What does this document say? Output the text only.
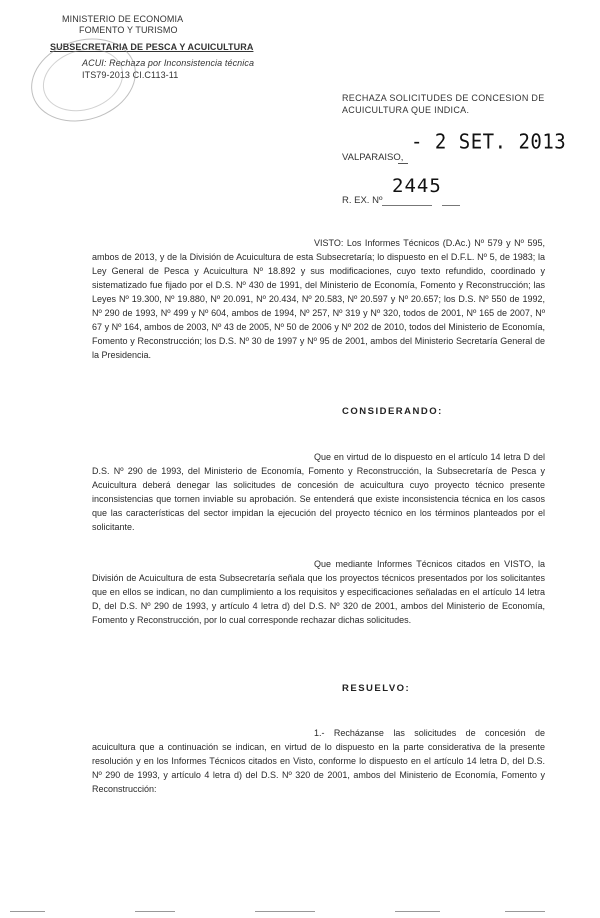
MINISTERIO DE ECONOMIA
FOMENTO Y TURISMO
SUBSECRETARIA DE PESCA Y ACUICULTURA
ACUI: Rechaza por Inconsistencia técnica
ITS79-2013 CI.C113-11
RECHAZA SOLICITUDES DE CONCESION DE
ACUICULTURA QUE INDICA.
- 2 SET. 2013
VALPARAISO,
2445
R. EX. Nº
VISTO: Los Informes Técnicos (D.Ac.) Nº 579 y Nº 595, ambos de 2013, y de la División de Acuicultura de esta Subsecretaría; lo dispuesto en el D.F.L. Nº 5, de 1983; la Ley General de Pesca y Acuicultura Nº 18.892 y sus modificaciones, cuyo texto refundido, coordinado y sistematizado fue fijado por el D.S. Nº 430 de 1991, del Ministerio de Economía, Fomento y Reconstrucción; las Leyes Nº 19.300, Nº 19.880, Nº 20.091, Nº 20.434, Nº 20.583, Nº 20.597 y Nº 20.657; los D.S. Nº 550 de 1992, Nº 290 de 1993, Nº 499 y Nº 604, ambos de 1994, Nº 257, Nº 319 y Nº 320, todos de 2001, Nº 165 de 2007, Nº 67 y Nº 164, ambos de 2003, Nº 43 de 2005, Nº 50 de 2006 y Nº 202 de 2010, todos del Ministerio de Economía, Fomento y Reconstrucción; los D.S. Nº 30 de 1997 y Nº 95 de 2001, ambos del Ministerio Secretaría General de la Presidencia.
CONSIDERANDO:
Que en virtud de lo dispuesto en el artículo 14 letra D del D.S. Nº 290 de 1993, del Ministerio de Economía, Fomento y Reconstrucción, la Subsecretaría de Pesca y Acuicultura deberá denegar las solicitudes de concesión de acuicultura cuyo proyecto técnico presente inconsistencias que tornen inviable su aprobación. Se entenderá que existe inconsistencia técnica en los casos que las características del sector impidan la ejecución del proyecto técnico en los términos planteados por el solicitante.
Que mediante Informes Técnicos citados en VISTO, la División de Acuicultura de esta Subsecretaría señala que los proyectos técnicos presentados por los solicitantes que en ellos se indican, no dan cumplimiento a los requisitos y especificaciones señaladas en el artículo 14 letra D, del D.S. Nº 290 de 1993, y artículo 4 letra d) del D.S. Nº 320 de 2001, ambos del Ministerio de Economía, Fomento y Reconstrucción, por lo cual corresponde rechazar dichas solicitudes.
RESUELVO:
1.- Recházanse las solicitudes de concesión de acuicultura que a continuación se indican, en virtud de lo dispuesto en la parte considerativa de la presente resolución y en los Informes Técnicos citados en Visto, conforme lo dispuesto en el artículo 14 letra D, del D.S. Nº 290 de 1993, y artículo 4 letra d) del D.S. Nº 320 de 2001, ambos del Ministerio de Economía, Fomento y Reconstrucción:
